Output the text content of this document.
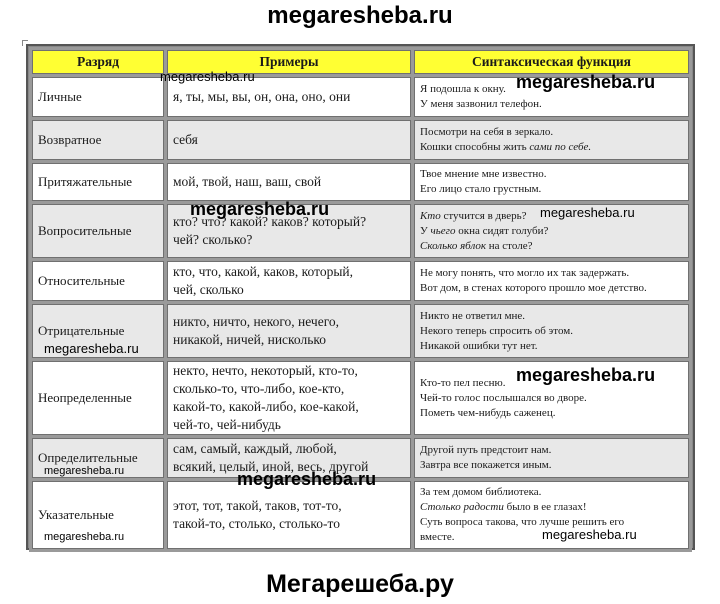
megaresheba.ru
Разряд	Примеры	Синтаксическая функция
Личные	я, ты, мы, вы, он, она, оно, они	Я подошла к окну.
У меня зазвонил телефон.

Возвратное	себя	Посмотри на себя в зеркало.
Кошки способны жить сами по себе.

Притяжательные	мой, твой, наш, ваш, свой	Твое мнение мне известно.
Его лицо стало грустным.

Вопросительные	кто? что? какой? каков? который?
чей? сколько?	Кто стучится в дверь?
У чьего окна сидят голуби?
Сколько яблок на столе?

Относительные	кто, что, какой, каков, который,
чей, сколько	Не могу понять, что могло их так задержать.
Вот дом, в стенах которого прошло мое детство.

Отрицательные	никто, ничто, некого, нечего,
никакой, ничей, нисколько	Никто не ответил мне.
Некого теперь спросить об этом.
Никакой ошибки тут нет.

Неопределенные	некто, нечто, некоторый, кто-то,
сколько-то, что-либо, кое-кто,
какой-то, какой-либо, кое-какой,
чей-то, чей-нибудь	Кто-то пел песню.
Чей-то голос послышался во дворе.
Пометь чем-нибудь саженец.

Определительные	сам, самый, каждый, любой,
всякий, целый, иной, весь, другой	Другой путь предстоит нам.
Завтра все покажется иным.

Указательные	этот, тот, такой, таков, тот-то,
такой-то, столько, столько-то	За тем домом библиотека.
Столько радости было в ее глазах!
Суть вопроса такова, что лучше решить его
вместе.
megaresheba.ru	megaresheba.ru
megaresheba.ru	megaresheba.ru
megaresheba.ru
megaresheba.ru
megaresheba.ru	megaresheba.ru
megaresheba.ru	megaresheba.ru
Мегарешеба.ру
